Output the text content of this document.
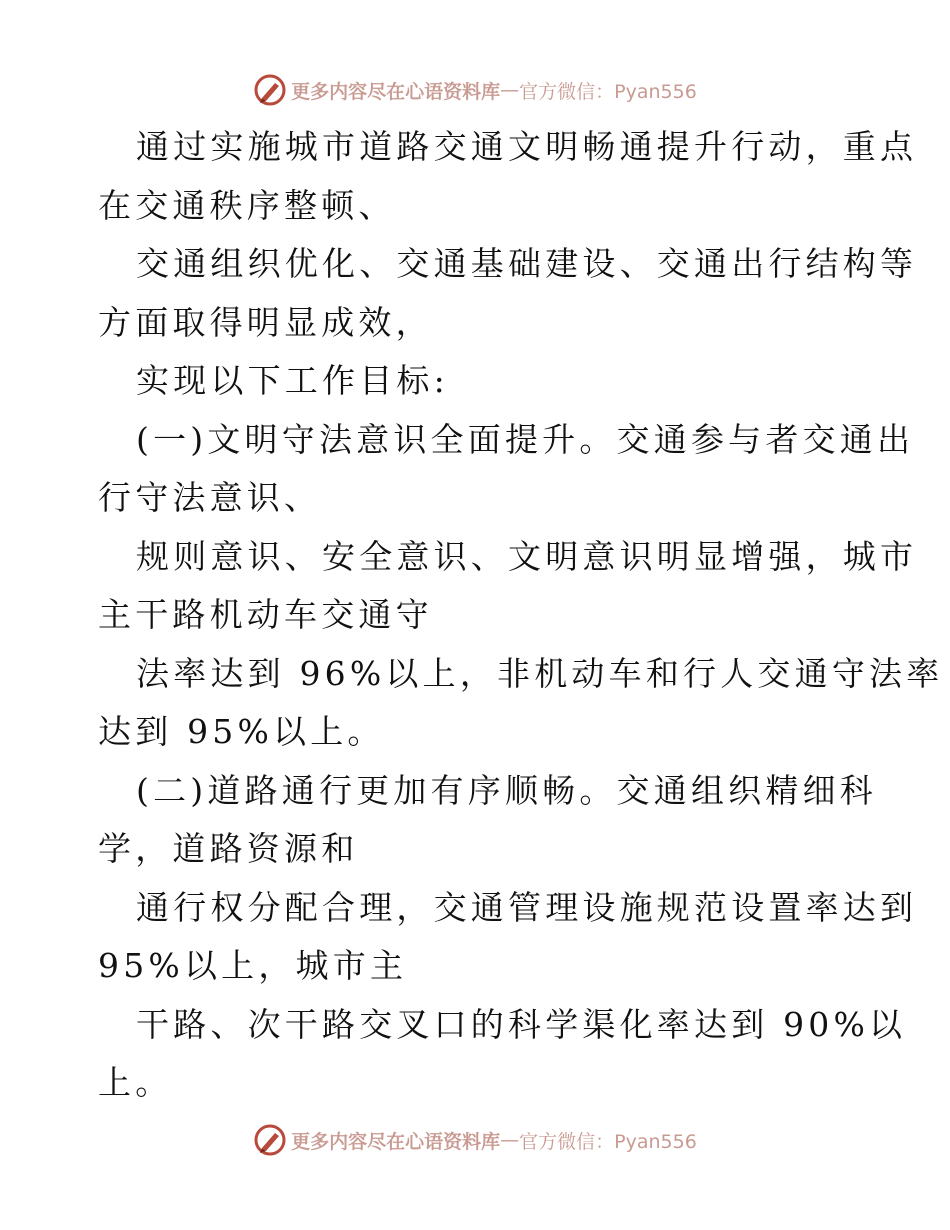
更多内容尽在心语资料库 — 官方微信：Pyan556
通过实施城市道路交通文明畅通提升行动，重点
在交通秩序整顿、
交通组织优化、交通基础建设、交通出行结构等
方面取得明显成效，
实现以下工作目标:
(一)文明守法意识全面提升。交通参与者交通出
行守法意识、
规则意识、安全意识、文明意识明显增强，城市
主干路机动车交通守
法率达到 96%以上，非机动车和行人交通守法率
达到 95%以上。
(二)道路通行更加有序顺畅。交通组织精细科
学，道路资源和
通行权分配合理，交通管理设施规范设置率达到
95%以上，城市主
干路、次干路交叉口的科学渠化率达到 90%以
上。
更多内容尽在心语资料库 — 官方微信：Pyan556
